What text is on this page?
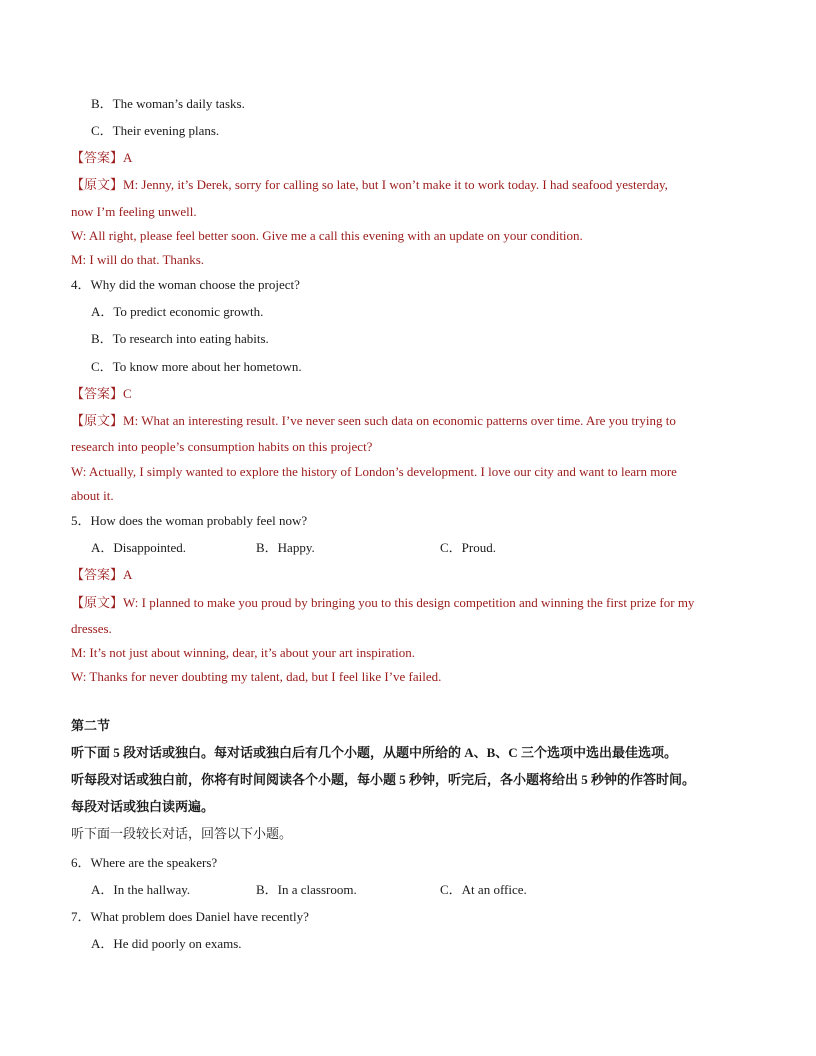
B．The woman’s daily tasks.
C．Their evening plans.
【答案】A
【原文】M: Jenny, it’s Derek, sorry for calling so late, but I won’t make it to work today. I had seafood yesterday,
now I’m feeling unwell.
W: All right, please feel better soon. Give me a call this evening with an update on your condition.
M: I will do that. Thanks.
4．Why did the woman choose the project?
A．To predict economic growth.
B．To research into eating habits.
C．To know more about her hometown.
【答案】C
【原文】M: What an interesting result. I’ve never seen such data on economic patterns over time. Are you trying to
research into people’s consumption habits on this project?
W: Actually, I simply wanted to explore the history of London’s development. I love our city and want to learn more
about it.
5．How does the woman probably feel now?
A．Disappointed.	B．Happy.	C．Proud.
【答案】A
【原文】W: I planned to make you proud by bringing you to this design competition and winning the first prize for my
dresses.
M: It’s not just about winning, dear, it’s about your art inspiration.
W: Thanks for never doubting my talent, dad, but I feel like I’ve failed.
第二节
听下面 5 段对话或独白。每对话或独白后有几个小题，从题中所给的 A、B、C 三个选项中选出最佳选项。
听每段对话或独白前，你将有时间阅读各个小题，每小题 5 秒钟，听完后，各小题将给出 5 秒钟的作答时间。
每段对话或独白读两遍。
听下面一段较长对话，回答以下小题。
6．Where are the speakers?
A．In the hallway.	B．In a classroom.	C．At an office.
7．What problem does Daniel have recently?
A．He did poorly on exams.
